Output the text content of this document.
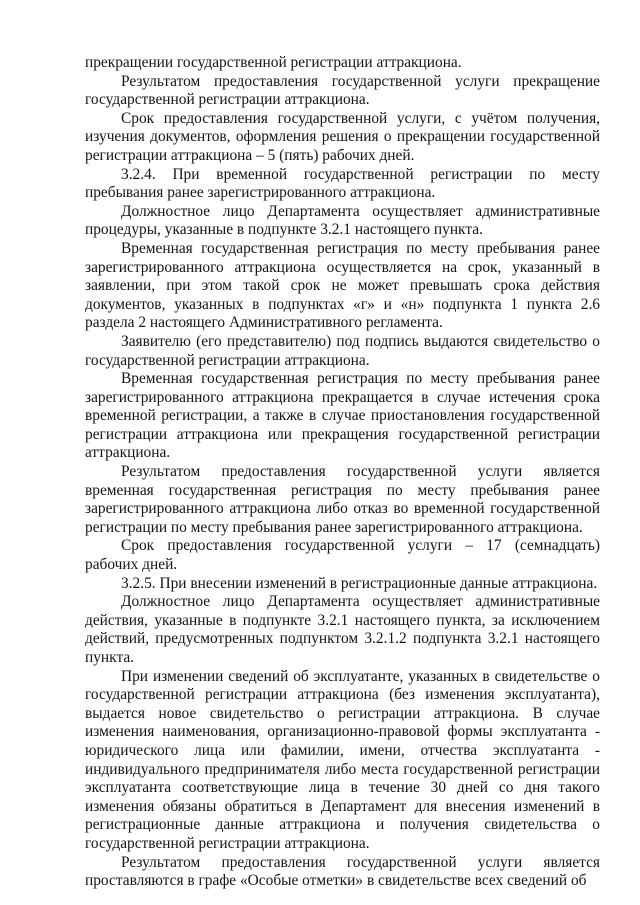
прекращении государственной регистрации аттракциона.

Результатом предоставления государственной услуги прекращение государственной регистрации аттракциона.

Срок предоставления государственной услуги, с учётом получения, изучения документов, оформления решения о прекращении государственной регистрации аттракциона – 5 (пять) рабочих дней.

3.2.4. При временной государственной регистрации по месту пребывания ранее зарегистрированного аттракциона.

Должностное лицо Департамента осуществляет административные процедуры, указанные в подпункте 3.2.1 настоящего пункта.

Временная государственная регистрация по месту пребывания ранее зарегистрированного аттракциона осуществляется на срок, указанный в заявлении, при этом такой срок не может превышать срока действия документов, указанных в подпунктах «г» и «н» подпункта 1 пункта 2.6 раздела 2 настоящего Административного регламента.

Заявителю (его представителю) под подпись выдаются свидетельство о государственной регистрации аттракциона.

Временная государственная регистрация по месту пребывания ранее зарегистрированного аттракциона прекращается в случае истечения срока временной регистрации, а также в случае приостановления государственной регистрации аттракциона или прекращения государственной регистрации аттракциона.

Результатом предоставления государственной услуги является временная государственная регистрация по месту пребывания ранее зарегистрированного аттракциона либо отказ во временной государственной регистрации по месту пребывания ранее зарегистрированного аттракциона.

Срок предоставления государственной услуги – 17 (семнадцать) рабочих дней.

3.2.5. При внесении изменений в регистрационные данные аттракциона.

Должностное лицо Департамента осуществляет административные действия, указанные в подпункте 3.2.1 настоящего пункта, за исключением действий, предусмотренных подпунктом 3.2.1.2 подпункта 3.2.1 настоящего пункта.

При изменении сведений об эксплуатанте, указанных в свидетельстве о государственной регистрации аттракциона (без изменения эксплуатанта), выдается новое свидетельство о регистрации аттракциона. В случае изменения наименования, организационно-правовой формы эксплуатанта - юридического лица или фамилии, имени, отчества эксплуатанта - индивидуального предпринимателя либо места государственной регистрации эксплуатанта соответствующие лица в течение 30 дней со дня такого изменения обязаны обратиться в Департамент для внесения изменений в регистрационные данные аттракциона и получения свидетельства о государственной регистрации аттракциона.

Результатом предоставления государственной услуги является проставляются в графе «Особые отметки» в свидетельстве всех сведений об
